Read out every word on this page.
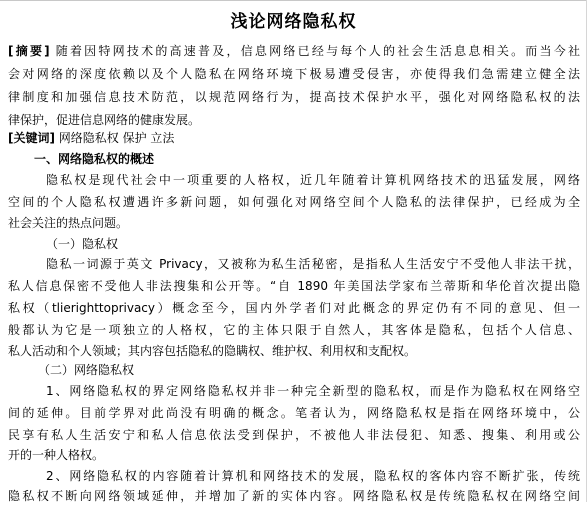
浅论网络隐私权
[摘要] 随着因特网技术的高速普及，信息网络已经与每个人的社会生活息息相关。而当今社
会对网络的深度依赖以及个人隐私在网络环境下极易遭受侵害，亦使得我们急需建立健全法
律制度和加强信息技术防范，以规范网络行为，提高技术保护水平，强化对网络隐私权的法
律保护，促进信息网络的健康发展。
[关键词] 网络隐私权 保护 立法
一、网络隐私权的概述
隐私权是现代社会中一项重要的人格权，近几年随着计算机网络技术的迅猛发展，网络
空间的个人隐私权遭遇许多新问题，如何强化对网络空间个人隐私的法律保护，已经成为全
社会关注的热点问题。
（一）隐私权
隐私一词源于英文 Privacy，又被称为私生活秘密，是指私人生活安宁不受他人非法干扰，
私人信息保密不受他人非法搜集和公开等。“自 1890 年美国法学家布兰蒂斯和华伦首次提出隐
私权（tlierighttoprivacy）概念至今，国内外学者们对此概念的界定仍有不同的意见、但一
般都认为它是一项独立的人格权，它的主体只限于自然人，其客体是隐私，包括个人信息、
私人活动和个人领域；其内容包括隐私的隐瞒权、维护权、利用权和支配权。
（二）网络隐私权
1、网络隐私权的界定网络隐私权并非一种完全新型的隐私权，而是作为隐私权在网络空
间的延伸。目前学界对此尚没有明确的概念。笔者认为，网络隐私权是指在网络环境中，公
民享有私人生活安宁和私人信息依法受到保护，不被他人非法侵犯、知悉、搜集、利用或公
开的一种人格权。
2、网络隐私权的内容随着计算机和网络技术的发展，隐私权的客体内容不断扩张，传统
隐私权不断向网络领域延伸，并增加了新的实体内容。网络隐私权是传统隐私权在网络空间
